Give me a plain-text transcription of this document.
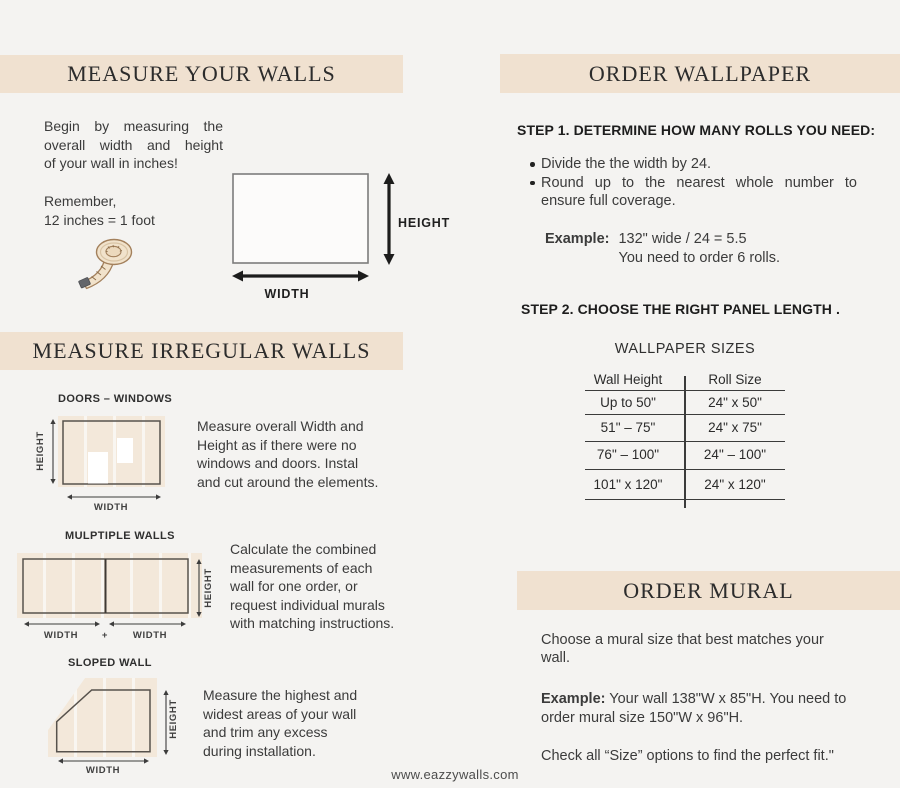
MEASURE YOUR WALLS
Begin by measuring the
overall width and height
of your wall in inches!
Remember,
12 inches = 1 foot	HEIGHT
WIDTH
MEASURE IRREGULAR WALLS
DOORS – WINDOWS
HEIGHT
WIDTH
Measure overall Width and
Height as if there were no
windows and doors. Instal
and cut around the elements.
MULPTIPLE WALLS
HEIGHT
WIDTH	+	WIDTH
Calculate the combined
measurements of each
wall for one order, or
request individual murals
with matching instructions.
SLOPED WALL
HEIGHT
WIDTH
Measure the highest and
widest areas of your wall
and trim any excess
during installation.
ORDER WALLPAPER
STEP 1. DETERMINE HOW MANY ROLLS YOU NEED:
Divide the the width by 24.
Round up to the nearest whole number to
ensure full coverage.
Example: 132" wide / 24 = 5.5
You need to order 6 rolls.
STEP 2. CHOOSE THE RIGHT PANEL LENGTH .
WALLPAPER SIZES
Wall Height	Roll Size
Up to 50"	24" x 50"
51" – 75"	24" x 75"
76" – 100"	24" – 100"
101" x 120"	24" x 120"
ORDER MURAL
Choose a mural size that best matches your
wall.
Example: Your wall 138"W x 85"H. You need to
order mural size 150"W x 96"H.
Check all “Size” options to find the perfect fit."
www.eazzywalls.com
